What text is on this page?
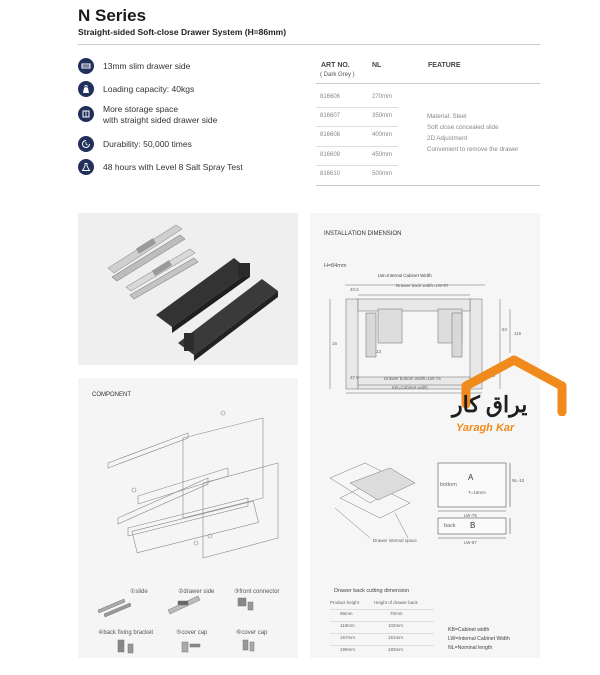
N Series
Straight-sided Soft-close Drawer System (H=86mm)
13mm slim drawer side
Loading capacity: 40kgs
More storage space
with straight sided drawer side
Durability: 50,000 times
48 hours with Level 8 Salt Spray Test
ART NO.
( Dark Grey )
NL	FEATURE
816606	270mm
816607	350mm
816608	400mm
816609	450mm
816610	500mm
Material: Steel
Soft close concealed slide
2D Adjustment
Convenient to remove the drawer
COMPONENT
①slide	②drawer side	③front connector
④back fixing bracket	⑤cover cap	⑥cover cap
INSTALLATION DIMENSION
H=84mm
LW=Internal Cabinet Width
Drawer back width=LW-87
40.5
37.5	15.5
13
84
115
16
Drawer bottom width=LW-75
KB=Cabinet width
Drawer internal space
bottom
A
T=16mm
LW-75
NL-10
back B
LW-87
Drawer back cutting dimension
Product height	Height of drawer back
86mm	70mm
118mm	102mm
167mm	151mm
199mm	183mm
KB=Cabinet width
LW=Internal Cabinet Width
NL=Nominal length
یراق کار
Yaragh Kar
